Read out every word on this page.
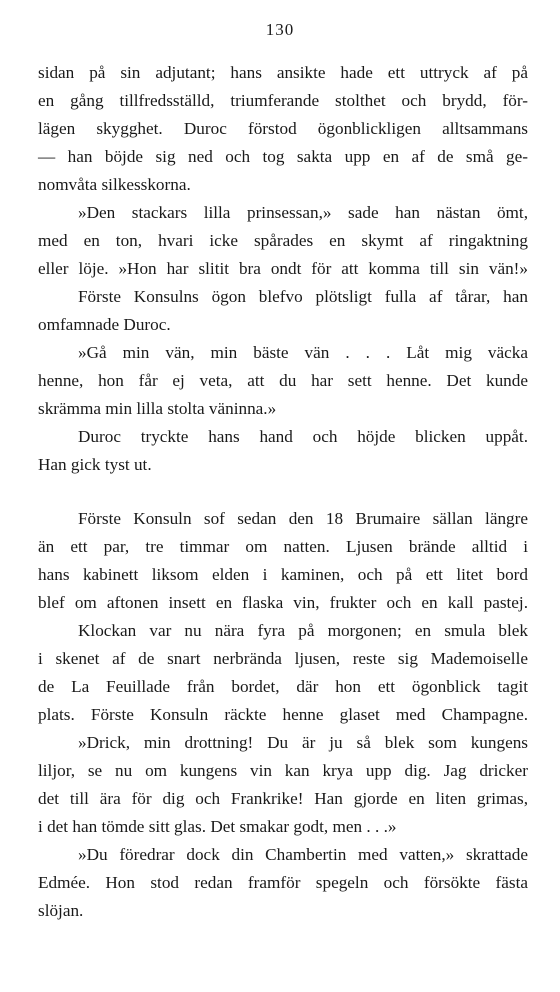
130
sidan på sin adjutant; hans ansikte hade ett uttryck af på
en gång tillfredsställd, triumferande stolthet och brydd, för-
lägen skygghet. Duroc förstod ögonblickligen alltsammans
— han böjde sig ned och tog sakta upp en af de små ge-
nomvåta silkesskorna.
»Den stackars lilla prinsessan,» sade han nästan ömt,
med en ton, hvari icke spårades en skymt af ringaktning
eller löje. »Hon har slitit bra ondt för att komma till sin vän!»
Förste Konsulns ögon blefvo plötsligt fulla af tårar, han
omfamnade Duroc.
»Gå min vän, min bäste vän . . . Låt mig väcka
henne, hon får ej veta, att du har sett henne. Det kunde
skrämma min lilla stolta väninna.»
Duroc tryckte hans hand och höjde blicken uppåt.
Han gick tyst ut.
Förste Konsuln sof sedan den 18 Brumaire sällan längre
än ett par, tre timmar om natten. Ljusen brände alltid i
hans kabinett liksom elden i kaminen, och på ett litet bord
blef om aftonen insett en flaska vin, frukter och en kall pastej.
Klockan var nu nära fyra på morgonen; en smula blek
i skenet af de snart nerbrända ljusen, reste sig Mademoiselle
de La Feuillade från bordet, där hon ett ögonblick tagit
plats. Förste Konsuln räckte henne glaset med Champagne.
»Drick, min drottning! Du är ju så blek som kungens
liljor, se nu om kungens vin kan krya upp dig. Jag dricker
det till ära för dig och Frankrike! Han gjorde en liten grimas,
i det han tömde sitt glas. Det smakar godt, men . . .»
»Du föredrar dock din Chambertin med vatten,» skrattade
Edmée. Hon stod redan framför spegeln och försökte fästa
slöjan.
